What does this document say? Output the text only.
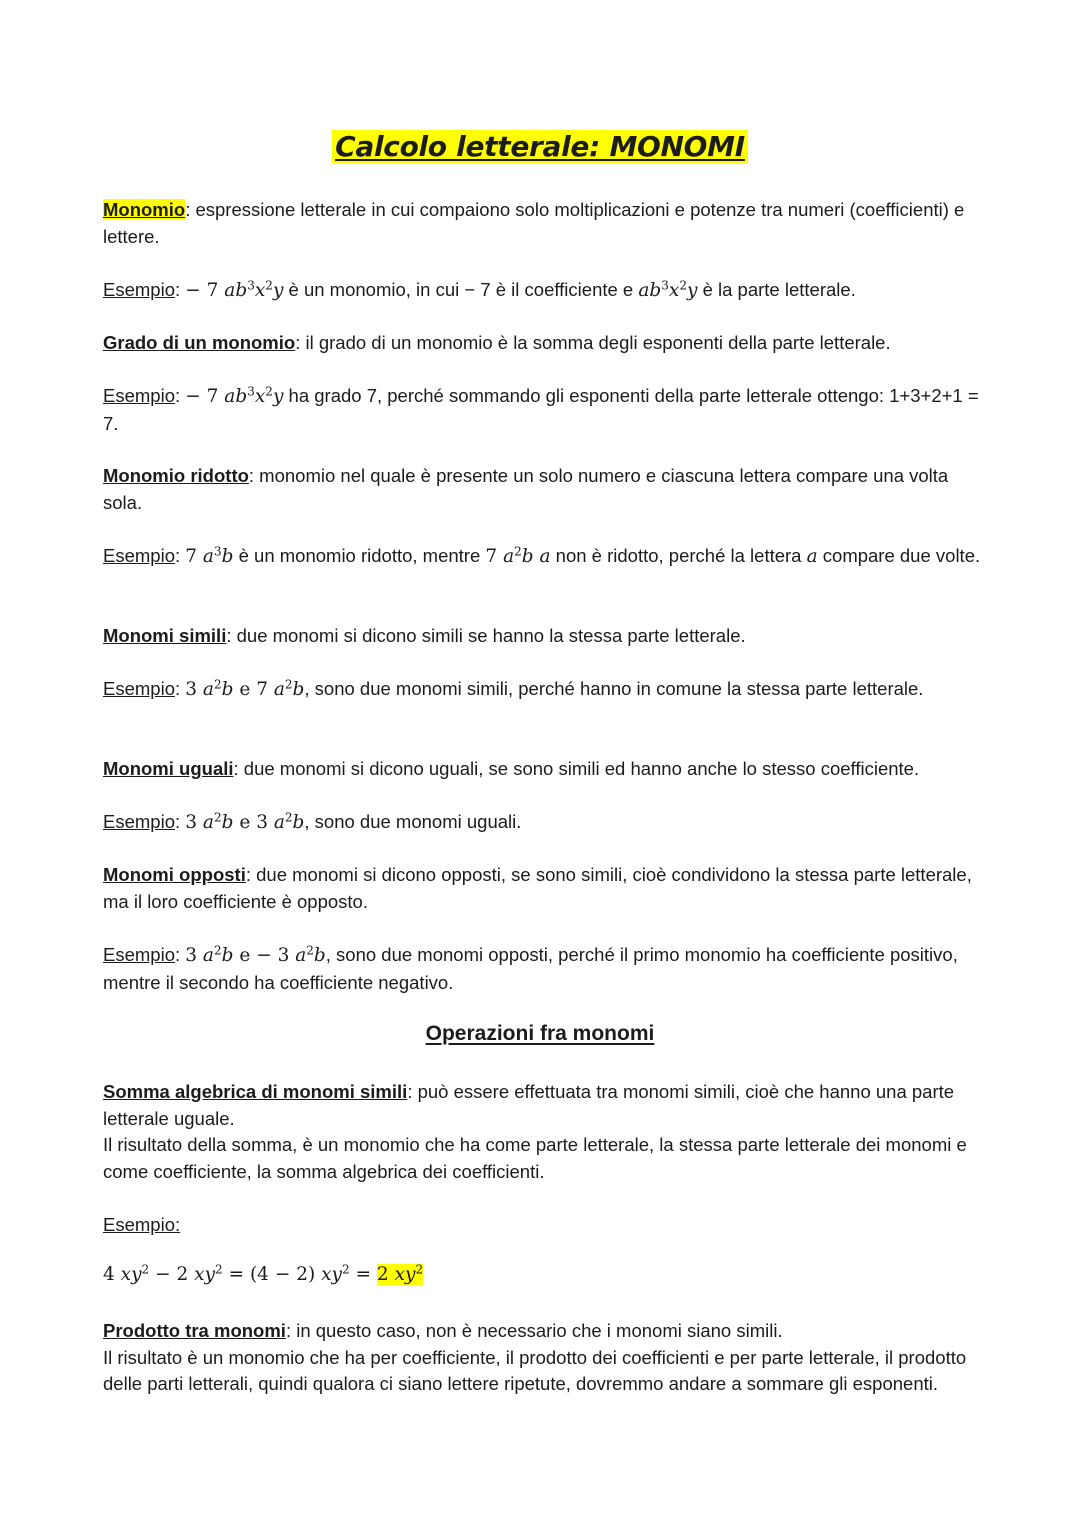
Calcolo letterale: MONOMI
Monomio: espressione letterale in cui compaiono solo moltiplicazioni e potenze tra numeri (coefficienti) e lettere.
Esempio: − 7 $ab^3x^2y$ è un monomio, in cui − 7 è il coefficiente e $ab^3x^2y$ è la parte letterale.
Grado di un monomio: il grado di un monomio è la somma degli esponenti della parte letterale.
Esempio: − 7 $ab^3x^2y$ ha grado 7, perché sommando gli esponenti della parte letterale ottengo: 1+3+2+1 = 7.
Monomio ridotto: monomio nel quale è presente un solo numero e ciascuna lettera compare una volta sola.
Esempio: 7 $a^3b$ è un monomio ridotto, mentre 7 $a^2b$ a non è ridotto, perché la lettera a compare due volte.
Monomi simili: due monomi si dicono simili se hanno la stessa parte letterale.
Esempio: 3 $a^2b$ e 7 $a^2b$, sono due monomi simili, perché hanno in comune la stessa parte letterale.
Monomi uguali: due monomi si dicono uguali, se sono simili ed hanno anche lo stesso coefficiente.
Esempio: 3 $a^2b$ e 3 $a^2b$, sono due monomi uguali.
Monomi opposti: due monomi si dicono opposti, se sono simili, cioè condividono la stessa parte letterale, ma il loro coefficiente è opposto.
Esempio: 3 $a^2b$ e − 3 $a^2b$, sono due monomi opposti, perché il primo monomio ha coefficiente positivo, mentre il secondo ha coefficiente negativo.
Operazioni fra monomi
Somma algebrica di monomi simili: può essere effettuata tra monomi simili, cioè che hanno una parte letterale uguale.
Il risultato della somma, è un monomio che ha come parte letterale, la stessa parte letterale dei monomi e come coefficiente, la somma algebrica dei coefficienti.
Esempio:
4 $xy^2 - 2$ $xy^2 = (4 - 2) xy^2 = 2$ $xy^2$
Prodotto tra monomi: in questo caso, non è necessario che i monomi siano simili.
Il risultato è un monomio che ha per coefficiente, il prodotto dei coefficienti e per parte letterale, il prodotto delle parti letterali, quindi qualora ci siano lettere ripetute, dovremmo andare a sommare gli esponenti.
